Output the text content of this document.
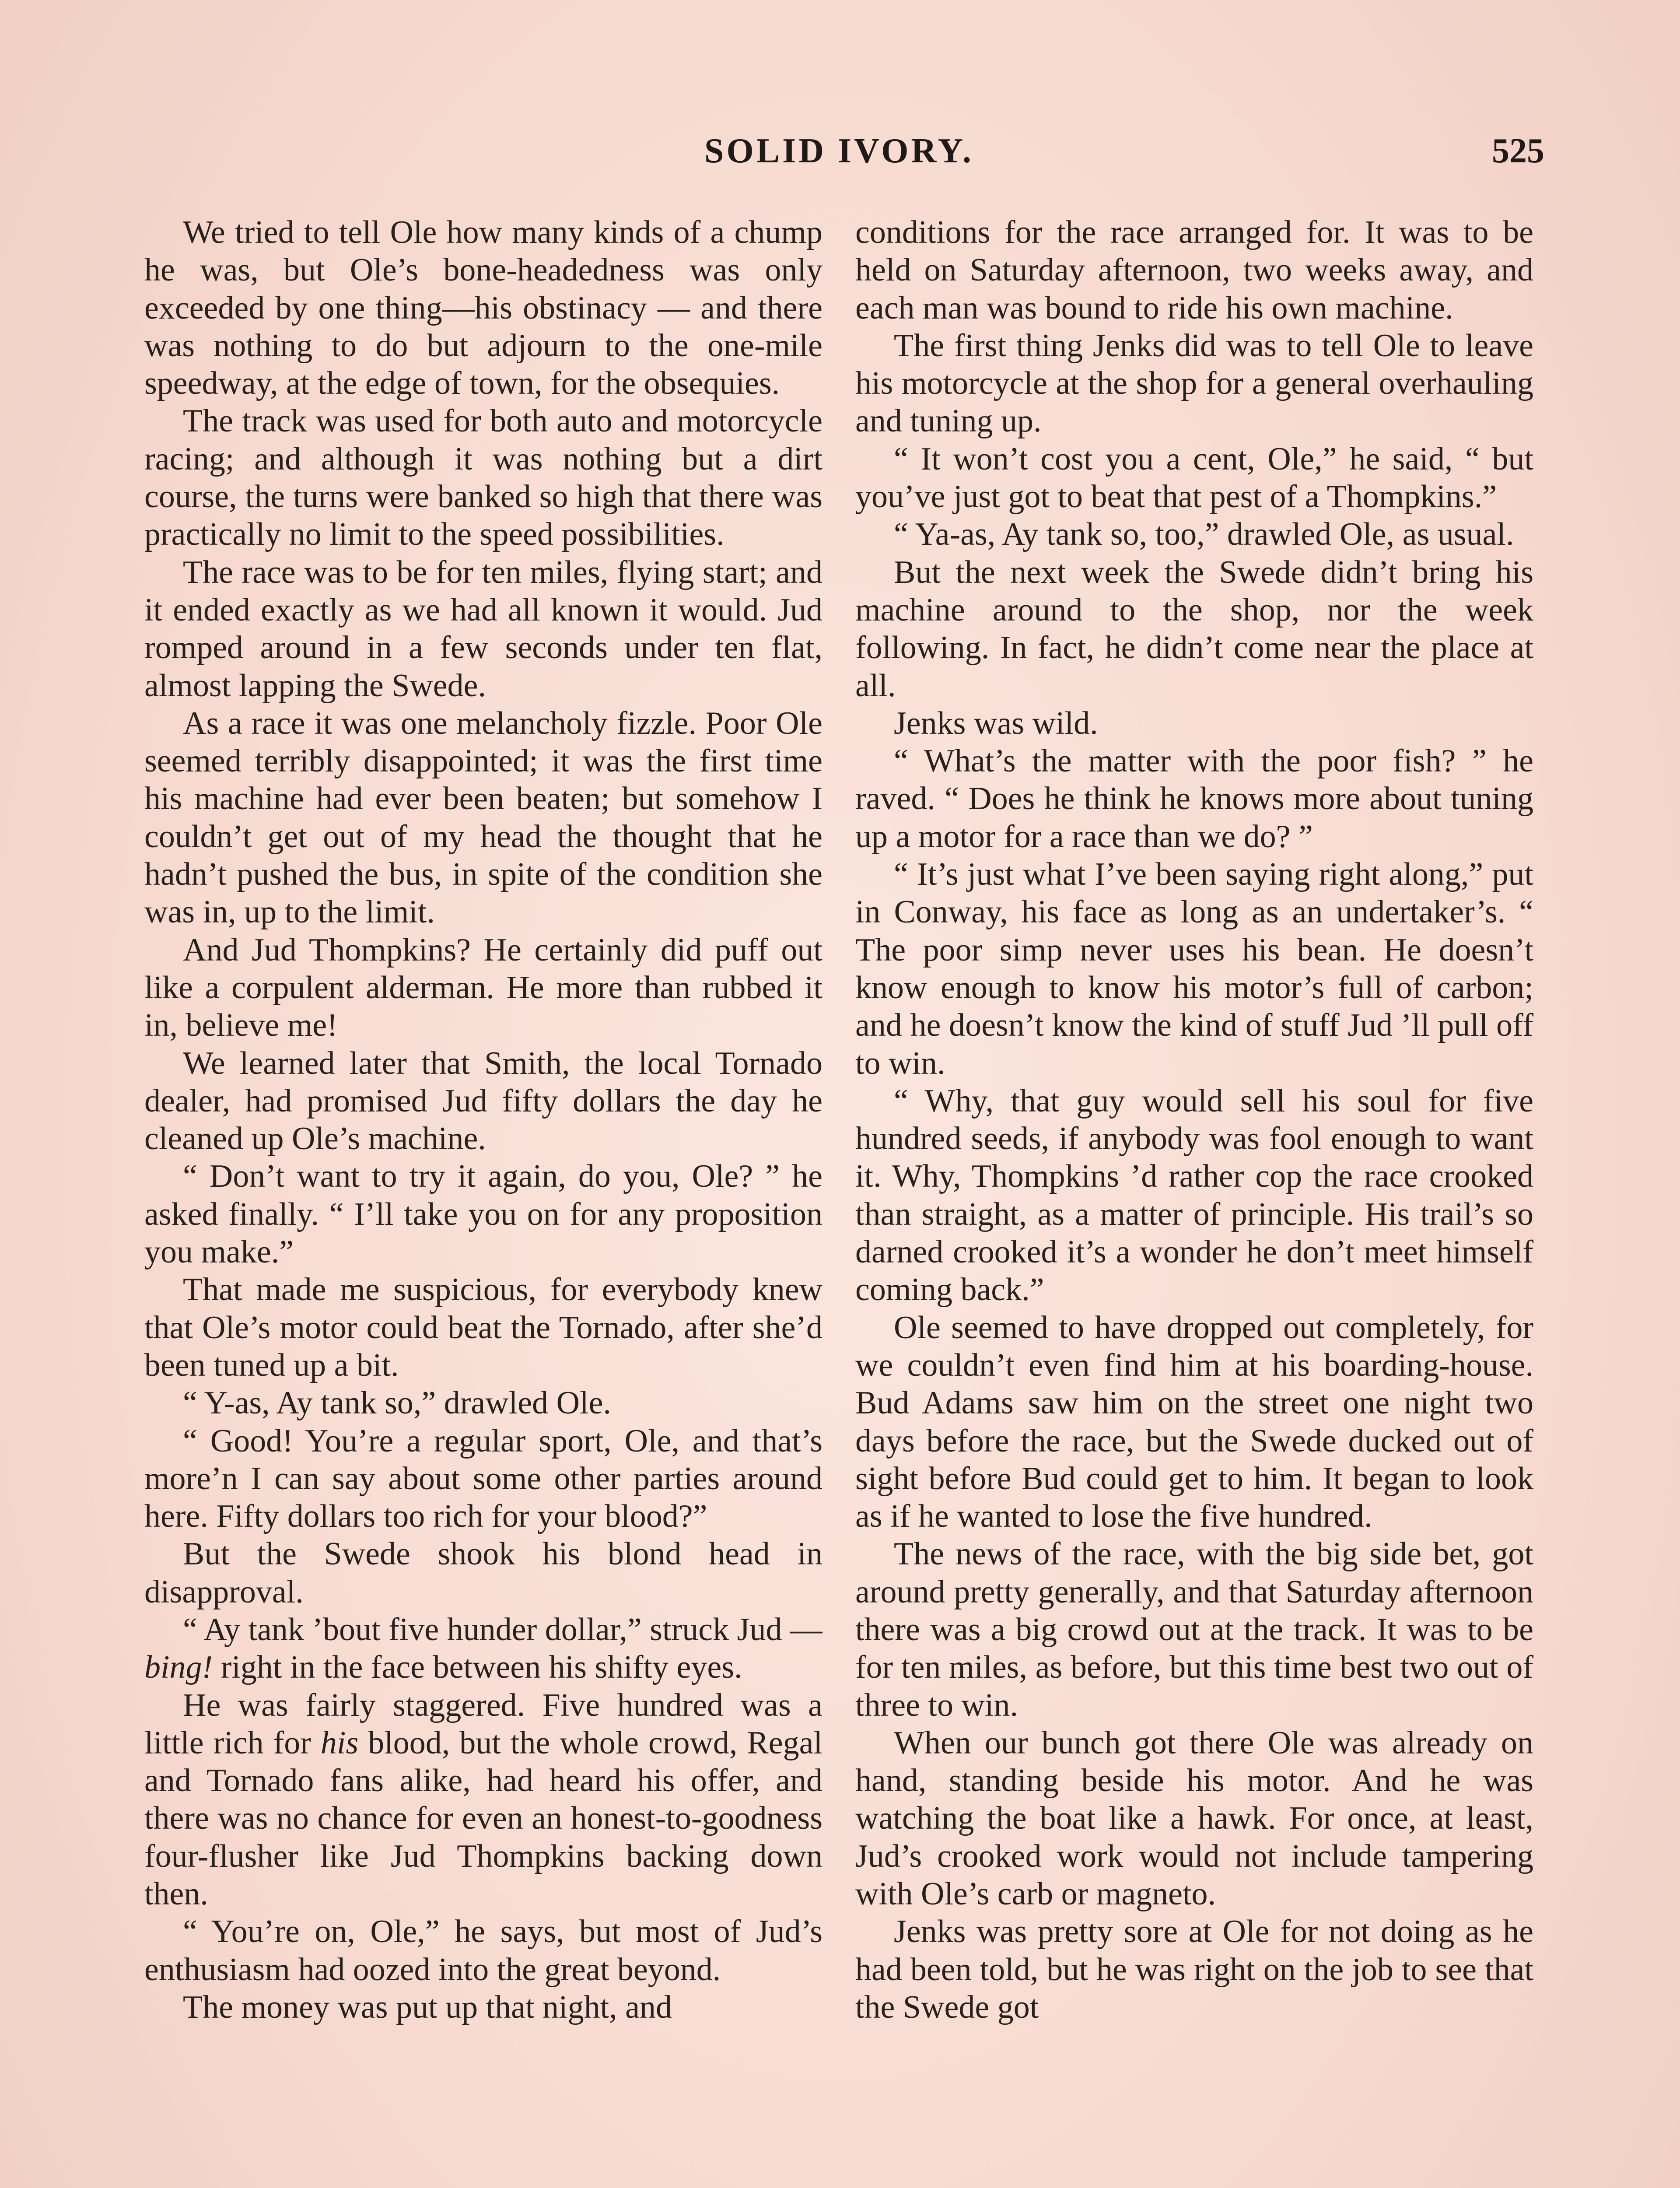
SOLID IVORY.	525

We tried to tell Ole how many kinds of a chump he was, but Ole’s bone-headedness was only exceeded by one thing—his obstinacy — and there was nothing to do but adjourn to the one-mile speedway, at the edge of town, for the obsequies.

The track was used for both auto and motorcycle racing; and although it was nothing but a dirt course, the turns were banked so high that there was practically no limit to the speed possibilities.

The race was to be for ten miles, flying start; and it ended exactly as we had all known it would. Jud romped around in a few seconds under ten flat, almost lapping the Swede.

As a race it was one melancholy fizzle. Poor Ole seemed terribly disappointed; it was the first time his machine had ever been beaten; but somehow I couldn’t get out of my head the thought that he hadn’t pushed the bus, in spite of the condition she was in, up to the limit.

And Jud Thompkins? He certainly did puff out like a corpulent alderman. He more than rubbed it in, believe me!

We learned later that Smith, the local Tornado dealer, had promised Jud fifty dollars the day he cleaned up Ole’s machine.

“ Don’t want to try it again, do you, Ole? ” he asked finally. “ I’ll take you on for any proposition you make.”

That made me suspicious, for everybody knew that Ole’s motor could beat the Tornado, after she’d been tuned up a bit.

“ Y-as, Ay tank so,” drawled Ole.

“ Good! You’re a regular sport, Ole, and that’s more’n I can say about some other parties around here. Fifty dollars too rich for your blood?”

But the Swede shook his blond head in disapproval.

“ Ay tank ’bout five hunder dollar,” struck Jud — bing! right in the face between his shifty eyes.

He was fairly staggered. Five hundred was a little rich for his blood, but the whole crowd, Regal and Tornado fans alike, had heard his offer, and there was no chance for even an honest-to-goodness four-flusher like Jud Thompkins backing down then.

“ You’re on, Ole,” he says, but most of Jud’s enthusiasm had oozed into the great beyond.

The money was put up that night, and

conditions for the race arranged for. It was to be held on Saturday afternoon, two weeks away, and each man was bound to ride his own machine.

The first thing Jenks did was to tell Ole to leave his motorcycle at the shop for a general overhauling and tuning up.

“ It won’t cost you a cent, Ole,” he said, “ but you’ve just got to beat that pest of a Thompkins.”

“ Ya-as, Ay tank so, too,” drawled Ole, as usual.

But the next week the Swede didn’t bring his machine around to the shop, nor the week following. In fact, he didn’t come near the place at all.

Jenks was wild.

“ What’s the matter with the poor fish? ” he raved. “ Does he think he knows more about tuning up a motor for a race than we do? ”

“ It’s just what I’ve been saying right along,” put in Conway, his face as long as an undertaker’s. “ The poor simp never uses his bean. He doesn’t know enough to know his motor’s full of carbon; and he doesn’t know the kind of stuff Jud ’ll pull off to win.

“ Why, that guy would sell his soul for five hundred seeds, if anybody was fool enough to want it. Why, Thompkins ’d rather cop the race crooked than straight, as a matter of principle. His trail’s so darned crooked it’s a wonder he don’t meet himself coming back.”

Ole seemed to have dropped out completely, for we couldn’t even find him at his boarding-house. Bud Adams saw him on the street one night two days before the race, but the Swede ducked out of sight before Bud could get to him. It began to look as if he wanted to lose the five hundred.

The news of the race, with the big side bet, got around pretty generally, and that Saturday afternoon there was a big crowd out at the track. It was to be for ten miles, as before, but this time best two out of three to win.

When our bunch got there Ole was already on hand, standing beside his motor. And he was watching the boat like a hawk. For once, at least, Jud’s crooked work would not include tampering with Ole’s carb or magneto.

Jenks was pretty sore at Ole for not doing as he had been told, but he was right on the job to see that the Swede got
